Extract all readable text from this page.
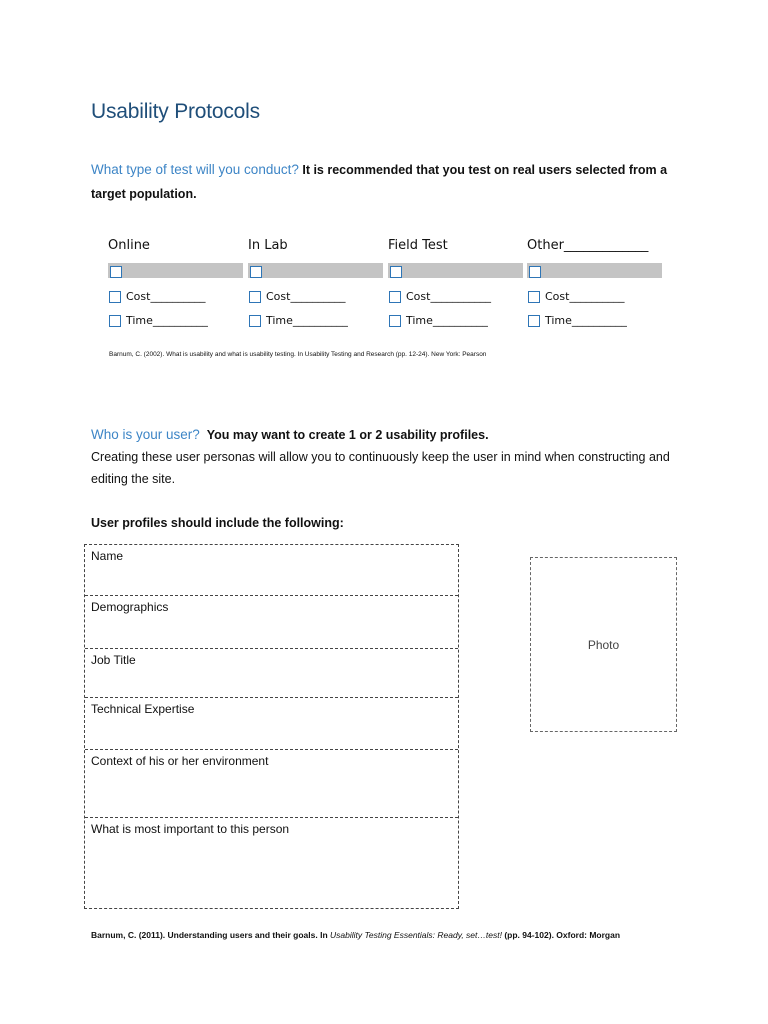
Usability Protocols
What type of test will you conduct? It is recommended that you test on real users selected from a target population.
Online
Cost__________
Time__________
In Lab
Cost__________
Time__________
Field Test
Cost___________
Time__________
Other_____________
Cost__________
Time__________
Barnum, C. (2002). What is usability and what is usability testing. In Usability Testing and Research (pp. 12-24). New York: Pearson
Who is your user? You may want to create 1 or 2 usability profiles.
Creating these user personas will allow you to continuously keep the user in mind when constructing and
editing the site.
User profiles should include the following:
Name
Demographics
Job Title
Technical Expertise
Context of his or her environment
What is most important to this person
Photo
Barnum, C. (2011). Understanding users and their goals. In Usability Testing Essentials: Ready, set…test! (pp. 94-102). Oxford: Morgan
